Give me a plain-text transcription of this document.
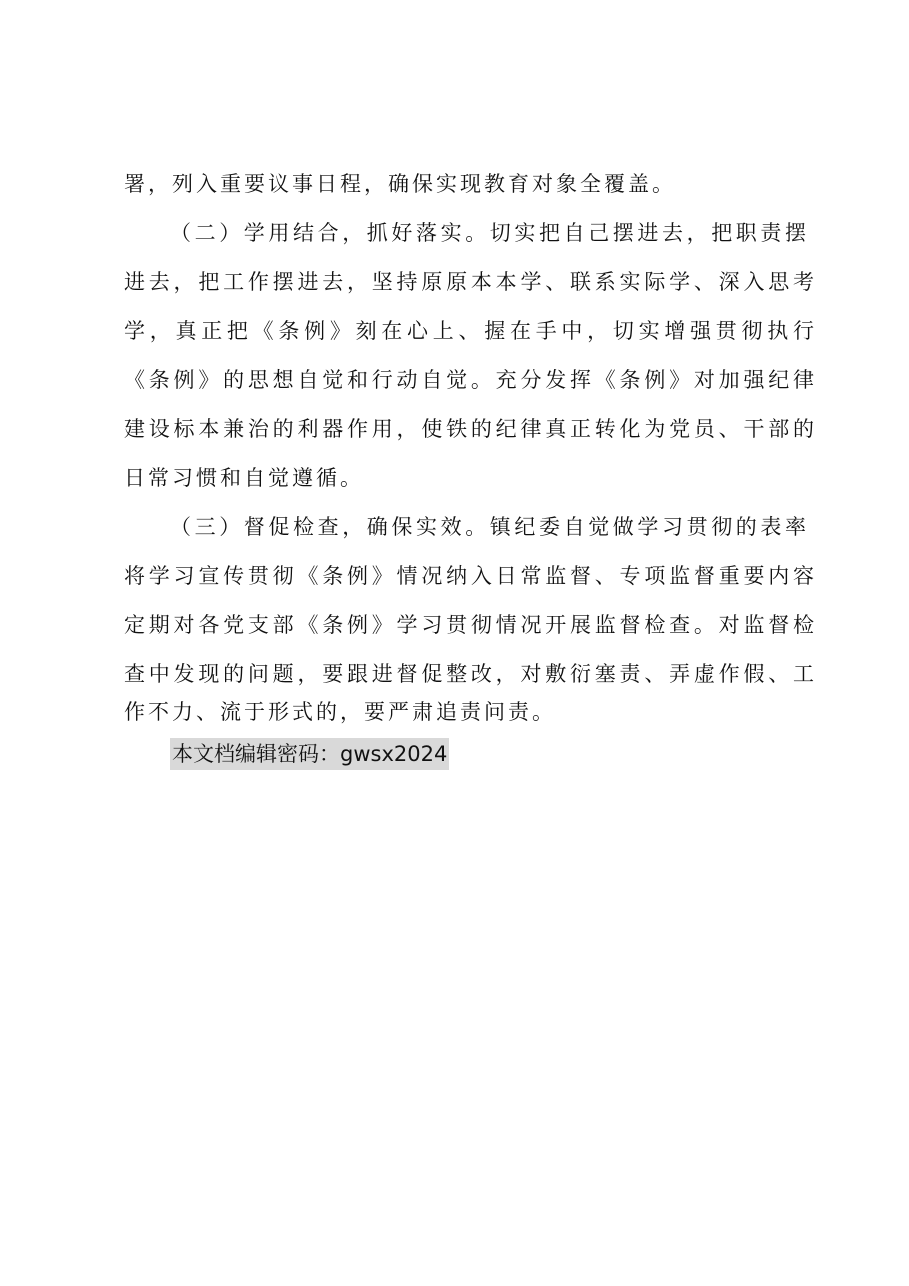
署，列入重要议事日程，确保实现教育对象全覆盖。
（二）学用结合，抓好落实。切实把自己摆进去，把职责摆
进去，把工作摆进去，坚持原原本本学、联系实际学、深入思考
学，真正把《条例》刻在心上、握在手中，切实增强贯彻执行
《条例》的思想自觉和行动自觉。充分发挥《条例》对加强纪律
建设标本兼治的利器作用，使铁的纪律真正转化为党员、干部的
日常习惯和自觉遵循。
（三）督促检查，确保实效。镇纪委自觉做学习贯彻的表率
将学习宣传贯彻《条例》情况纳入日常监督、专项监督重要内容
定期对各党支部《条例》学习贯彻情况开展监督检查。对监督检
查中发现的问题，要跟进督促整改，对敷衍塞责、弄虚作假、工
作不力、流于形式的，要严肃追责问责。
本文档编辑密码：gwsx2024
